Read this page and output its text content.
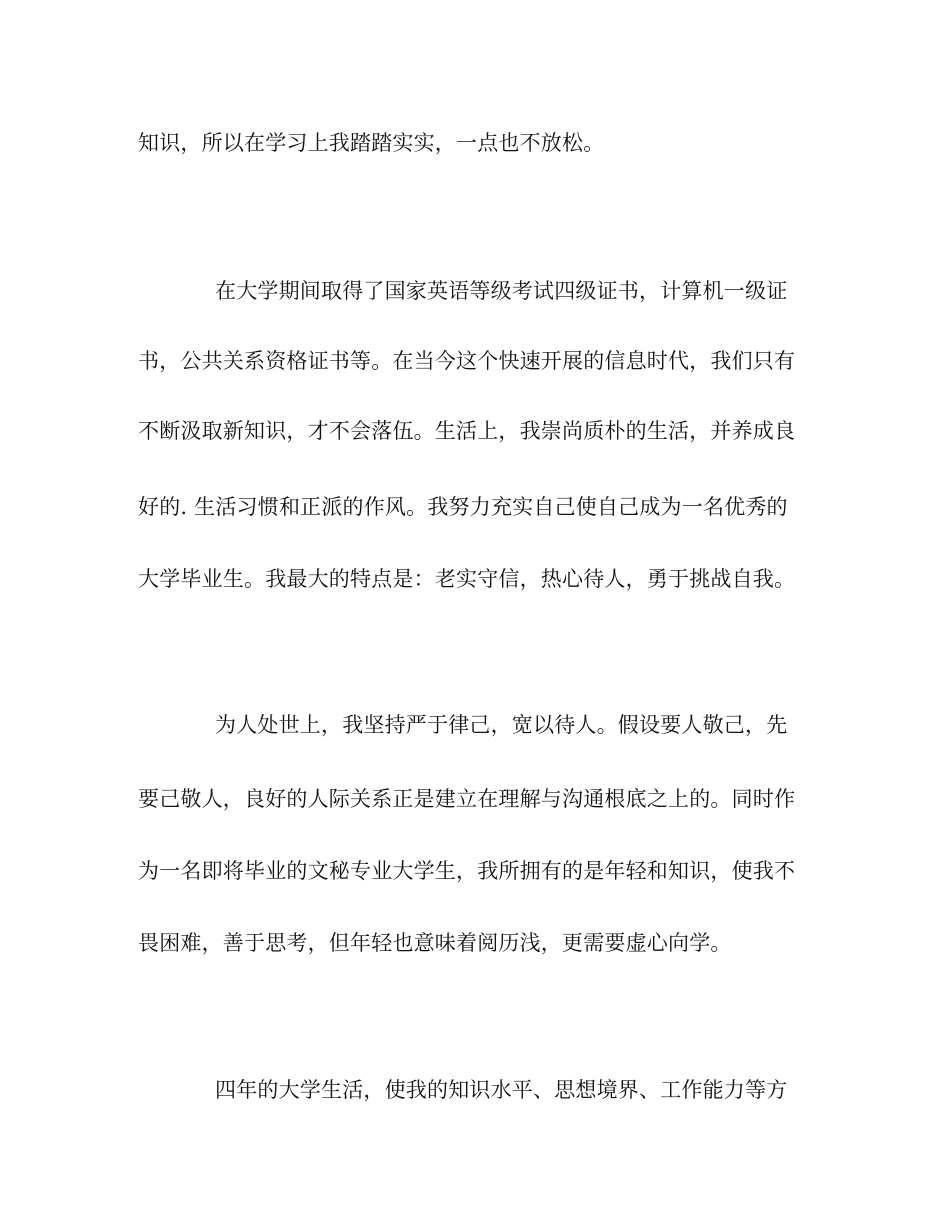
知识，所以在学习上我踏踏实实，一点也不放松。
在大学期间取得了国家英语等级考试四级证书，计算机一级证
书，公共关系资格证书等。在当今这个快速开展的信息时代，我们只有
不断汲取新知识，才不会落伍。生活上，我崇尚质朴的生活，并养成良
好的. 生活习惯和正派的作风。我努力充实自己使自己成为一名优秀的
大学毕业生。我最大的特点是：老实守信，热心待人，勇于挑战自我。
为人处世上，我坚持严于律己，宽以待人。假设要人敬己，先
要己敬人，良好的人际关系正是建立在理解与沟通根底之上的。同时作
为一名即将毕业的文秘专业大学生，我所拥有的是年轻和知识，使我不
畏困难，善于思考，但年轻也意味着阅历浅，更需要虚心向学。
四年的大学生活，使我的知识水平、思想境界、工作能力等方
